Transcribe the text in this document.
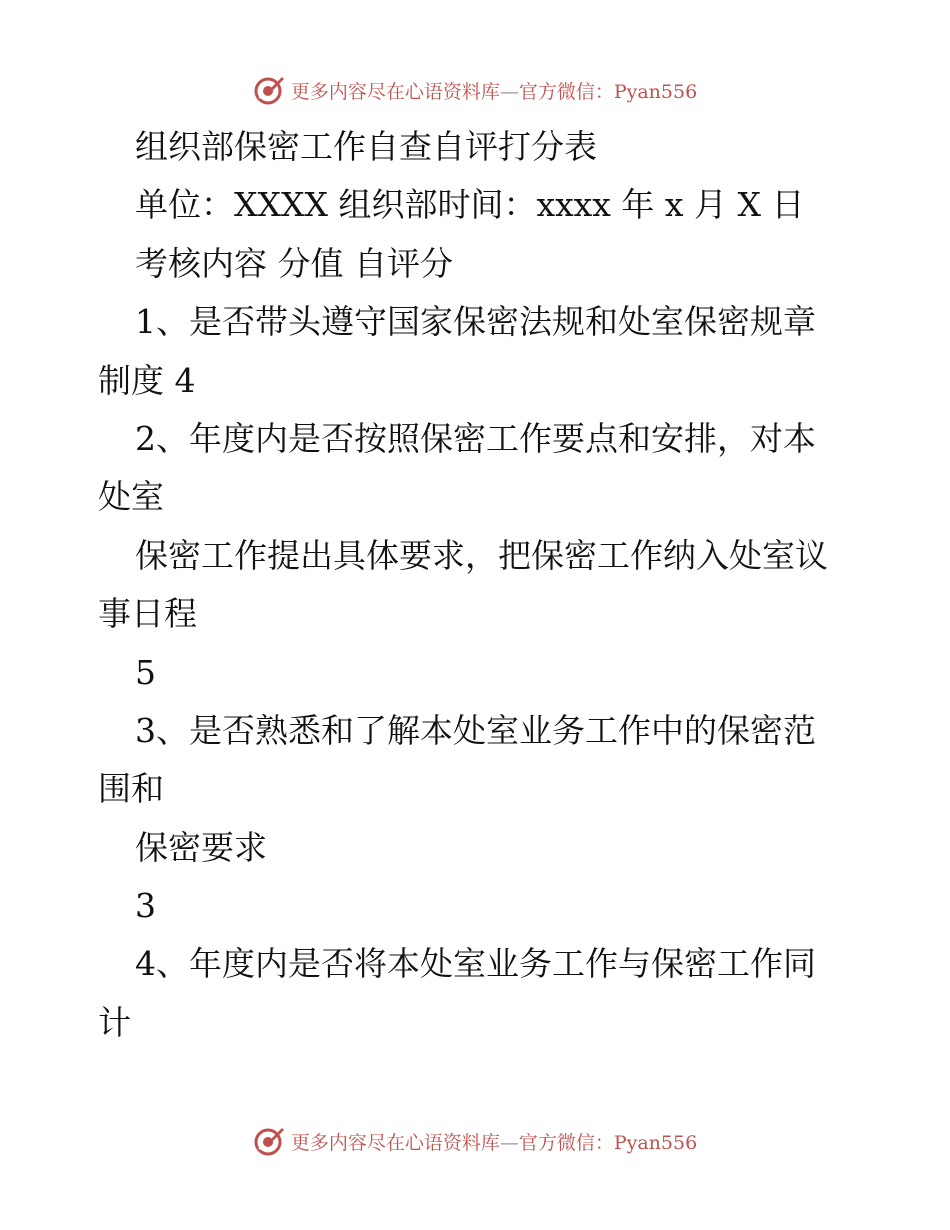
更多内容尽在心语资料库—官方微信：Pyan556
组织部保密工作自查自评打分表
单位：XXXX 组织部时间：xxxx 年 x 月 X 日
考核内容 分值 自评分
1、是否带头遵守国家保密法规和处室保密规章
制度 4
2、年度内是否按照保密工作要点和安排，对本
处室
保密工作提出具体要求，把保密工作纳入处室议
事日程
5
3、是否熟悉和了解本处室业务工作中的保密范
围和
保密要求
3
4、年度内是否将本处室业务工作与保密工作同
计
更多内容尽在心语资料库—官方微信：Pyan556
